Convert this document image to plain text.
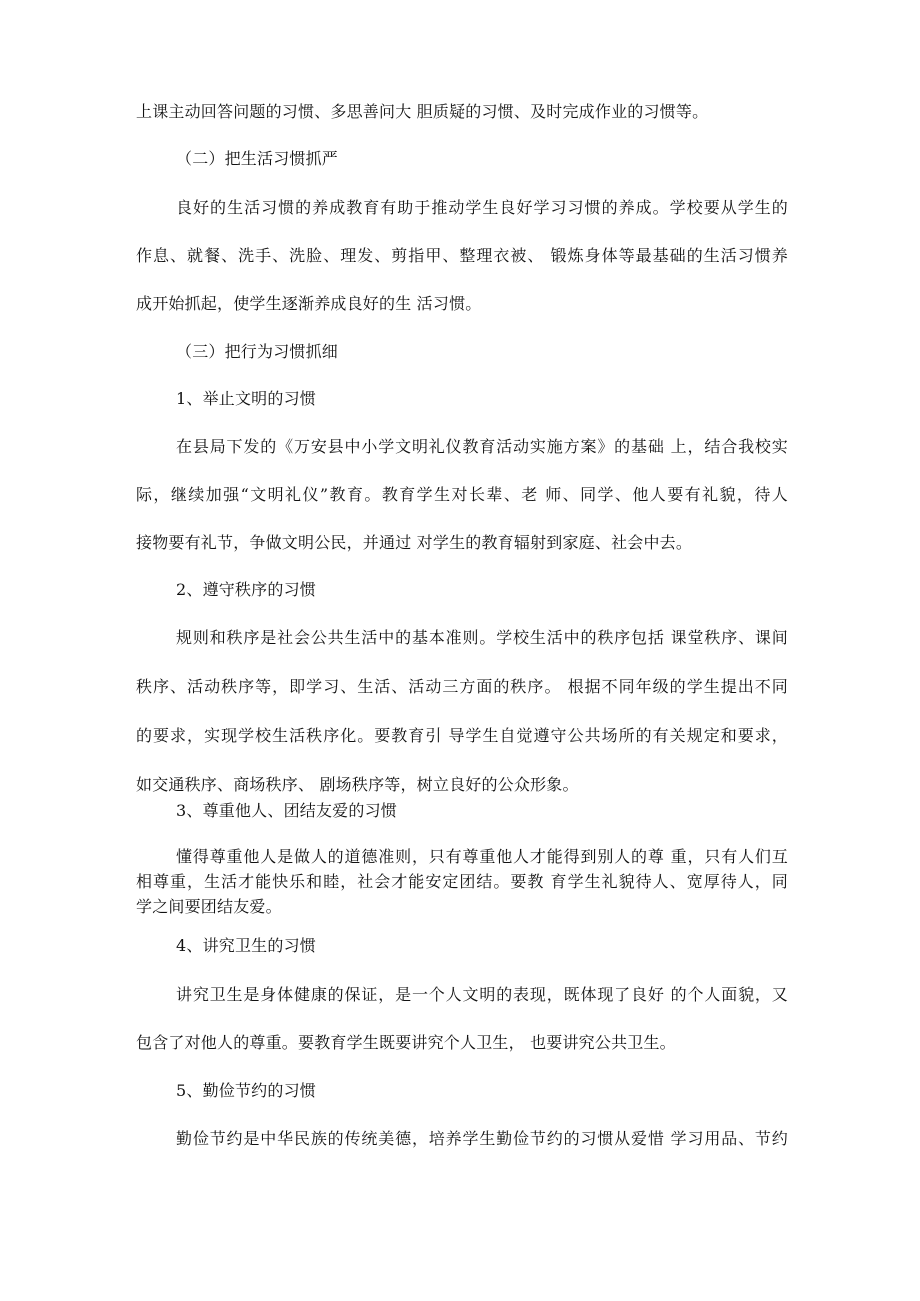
上课主动回答问题的习惯、多思善问大 胆质疑的习惯、及时完成作业的习惯等。
（二）把生活习惯抓严
良好的生活习惯的养成教育有助于推动学生良好学习习惯的养成。学校要从学生的
作息、就餐、洗手、洗脸、理发、剪指甲、整理衣被、 锻炼身体等最基础的生活习惯养
成开始抓起，使学生逐渐养成良好的生 活习惯。
（三）把行为习惯抓细
1、举止文明的习惯
在县局下发的《万安县中小学文明礼仪教育活动实施方案》的基础 上，结合我校实
际，继续加强“文明礼仪”教育。教育学生对长辈、老 师、同学、他人要有礼貌，待人
接物要有礼节，争做文明公民，并通过 对学生的教育辐射到家庭、社会中去。
2、遵守秩序的习惯
规则和秩序是社会公共生活中的基本准则。学校生活中的秩序包括 课堂秩序、课间
秩序、活动秩序等，即学习、生活、活动三方面的秩序。 根据不同年级的学生提出不同
的要求，实现学校生活秩序化。要教育引 导学生自觉遵守公共场所的有关规定和要求，
如交通秩序、商场秩序、 剧场秩序等，树立良好的公众形象。
3、尊重他人、团结友爱的习惯
懂得尊重他人是做人的道德准则，只有尊重他人才能得到别人的尊 重，只有人们互
相尊重，生活才能快乐和睦，社会才能安定团结。要教 育学生礼貌待人、宽厚待人，同
学之间要团结友爱。
4、讲究卫生的习惯
讲究卫生是身体健康的保证，是一个人文明的表现，既体现了良好 的个人面貌，又
包含了对他人的尊重。要教育学生既要讲究个人卫生， 也要讲究公共卫生。
5、勤俭节约的习惯
勤俭节约是中华民族的传统美德，培养学生勤俭节约的习惯从爱惜 学习用品、节约
